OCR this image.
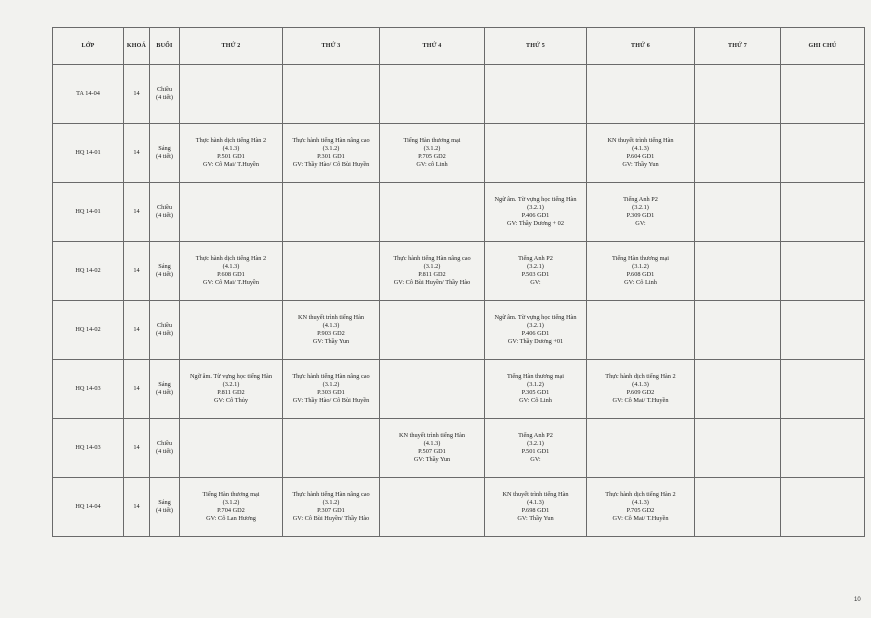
LỚP	KHOÁ	BUỔI	THỨ 2	THỨ 3	THỨ 4	THỨ 5	THỨ 6	THỨ 7	GHI CHÚ
TA 14-04	14	Chiều
(4 tiết)							

HQ 14-01	14	Sáng
(4 tiết)	Thực hành dịch tiếng Hàn 2
(4.1.3)
P.501 GD1
GV: Cô Mai/ T.Huyền	Thực hành tiếng Hàn nâng cao
(3.1.2)
P.301 GD1
GV: Thầy Hào/ Cô Bùi Huyền	Tiếng Hàn thương mại
(3.1.2)
P.705 GD2
GV: cô Linh		KN thuyết trình tiếng Hàn
(4.1.3)
P.604 GD1
GV: Thầy Yun		

HQ 14-01	14	Chiều
(4 tiết)				Ngữ âm. Từ vựng học tiếng Hàn
(3.2.1)
P.406 GD1
GV: Thầy Dương + 02	Tiếng Anh P2
(3.2.1)
P.309 GD1
GV:		

HQ 14-02	14	Sáng
(4 tiết)	Thực hành dịch tiếng Hàn 2
(4.1.3)
P.608 GD1
GV: Cô Mai/ T.Huyền		Thực hành tiếng Hàn nâng cao
(3.1.2)
P.811 GD2
GV: Cô Bùi Huyền/ Thầy Hào	Tiếng Anh P2
(3.2.1)
P.503 GD1
GV:	Tiếng Hàn thương mại
(3.1.2)
P.608 GD1
GV: Cô Linh		

HQ 14-02	14	Chiều
(4 tiết)		KN thuyết trình tiếng Hàn
(4.1.3)
P.903 GD2
GV: Thầy Yun		Ngữ âm. Từ vựng học tiếng Hàn
(3.2.1)
P.406 GD1
GV: Thầy Dương +01			

HQ 14-03	14	Sáng
(4 tiết)	Ngữ âm. Từ vựng học tiếng Hàn
(3.2.1)
P.811 GD2
GV: Cô Thủy	Thực hành tiếng Hàn nâng cao
(3.1.2)
P.303 GD1
GV: Thầy Hào/ Cô Bùi Huyền		Tiếng Hàn thương mại
(3.1.2)
P.305 GD1
GV: Cô Linh	Thực hành dịch tiếng Hàn 2
(4.1.3)
P.609 GD2
GV: Cô Mai/ T.Huyền		

HQ 14-03	14	Chiều
(4 tiết)			KN thuyết trình tiếng Hàn
(4.1.3)
P.507 GD1
GV: Thầy Yun	Tiếng Anh P2
(3.2.1)
P.501 GD1
GV:			

HQ 14-04	14	Sáng
(4 tiết)	Tiếng Hàn thương mại
(3.1.2)
P.704 GD2
GV: Cô Lan Hương	Thực hành tiếng Hàn nâng cao
(3.1.2)
P.307 GD1
GV: Cô Bùi Huyền/ Thầy Hào		KN thuyết trình tiếng Hàn
(4.1.3)
P.698 GD1
GV: Thầy Yun	Thực hành dịch tiếng Hàn 2
(4.1.3)
P.705 GD2
GV: Cô Mai/ T.Huyền		

10
